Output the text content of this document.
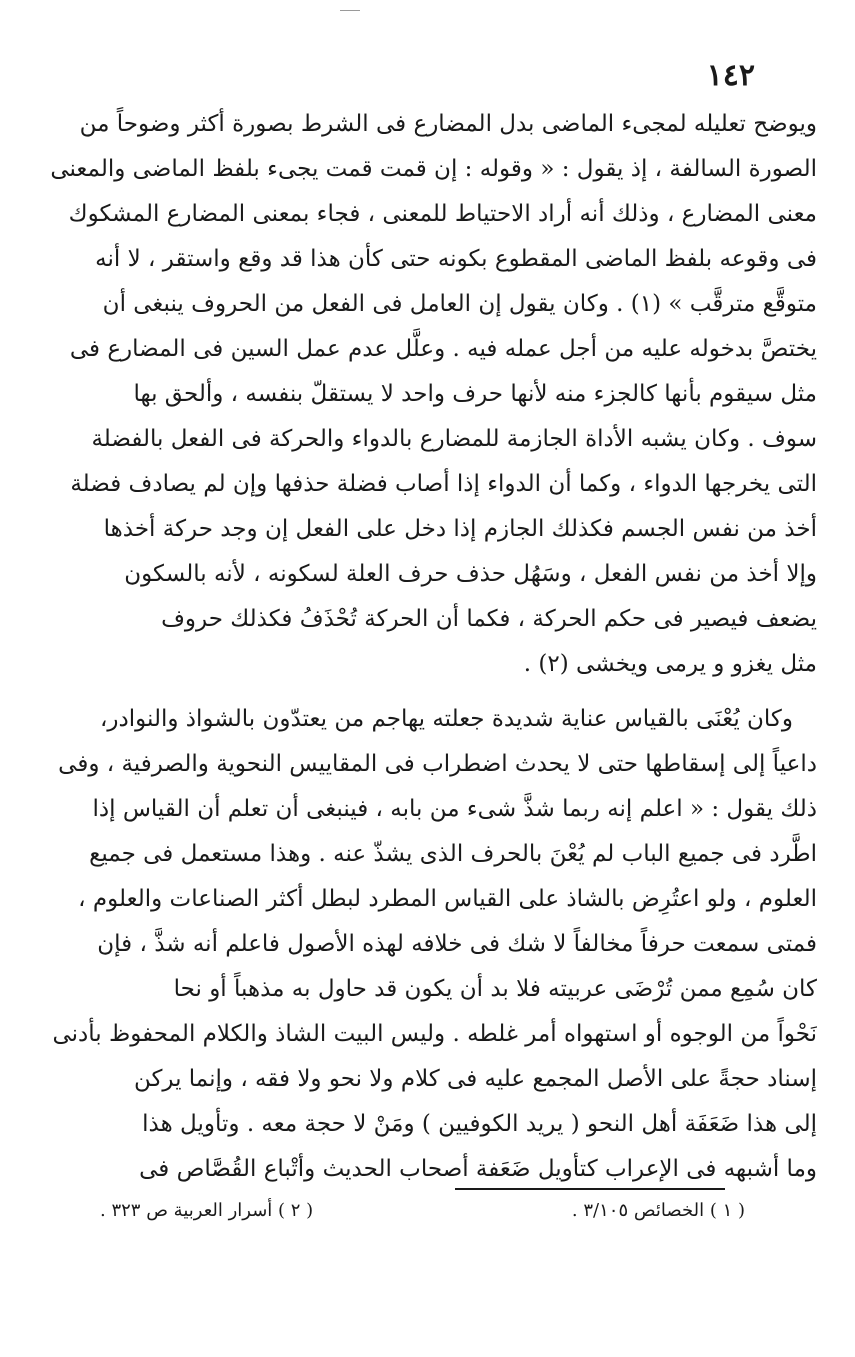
١٤٢
ويوضح تعليله لمجىء الماضى بدل المضارع فى الشرط بصورة أكثر وضوحاً من
الصورة السالفة ، إذ يقول : « وقوله : إن قمت قمت يجىء بلفظ الماضى والمعنى
معنى المضارع ، وذلك أنه أراد الاحتياط للمعنى ، فجاء بمعنى المضارع المشكوك
فى وقوعه بلفظ الماضى المقطوع بكونه حتى كأن هذا قد وقع واستقر ، لا أنه
متوقَّع مترقَّب » (١) . وكان يقول إن العامل فى الفعل من الحروف ينبغى أن
يختصَّ بدخوله عليه من أجل عمله فيه . وعلَّل عدم عمل السين فى المضارع فى
مثل سيقوم بأنها كالجزء منه لأنها حرف واحد لا يستقلّ بنفسه ، وألحق بها
سوف . وكان يشبه الأداة الجازمة للمضارع بالدواء والحركة فى الفعل بالفضلة
التى يخرجها الدواء ، وكما أن الدواء إذا أصاب فضلة حذفها وإن لم يصادف فضلة
أخذ من نفس الجسم فكذلك الجازم إذا دخل على الفعل إن وجد حركة أخذها
وإلا أخذ من نفس الفعل ، وسَهُل حذف حرف العلة لسكونه ، لأنه بالسكون
يضعف فيصير فى حكم الحركة ، فكما أن الحركة تُحْذَفُ فكذلك حروف
مثل يغزو و يرمى ويخشى (٢) .
وكان يُعْنَى بالقياس عناية شديدة جعلته يهاجم من يعتدّون بالشواذ والنوادر،
داعياً إلى إسقاطها حتى لا يحدث اضطراب فى المقاييس النحوية والصرفية ، وفى
ذلك يقول : « اعلم إنه ربما شذَّ شىء من بابه ، فينبغى أن تعلم أن القياس إذا
اطَّرد فى جميع الباب لم يُعْنَ بالحرف الذى يشذّ عنه . وهذا مستعمل فى جميع
العلوم ، ولو اعتُرِض بالشاذ على القياس المطرد لبطل أكثر الصناعات والعلوم ،
فمتى سمعت حرفاً مخالفاً لا شك فى خلافه لهذه الأصول فاعلم أنه شذَّ ، فإن
كان سُمِع ممن تُرْضَى عربيته فلا بد أن يكون قد حاول به مذهباً أو نحا
نَحْواً من الوجوه أو استهواه أمر غلطه . وليس البيت الشاذ والكلام المحفوظ بأدنى
إسناد حجةً على الأصل المجمع عليه فى كلام ولا نحو ولا فقه ، وإنما يركن
إلى هذا ضَعَفَة أهل النحو ( يريد الكوفيين ) ومَنْ لا حجة معه . وتأويل هذا
وما أشبهه فى الإعراب كتأويل ضَعَفة أصحاب الحديث وأتْباع القُصَّاص فى
( ١ ) الخصائص ٣/١٠٥ .
( ٢ ) أسرار العربية ص ٣٢٣ .
